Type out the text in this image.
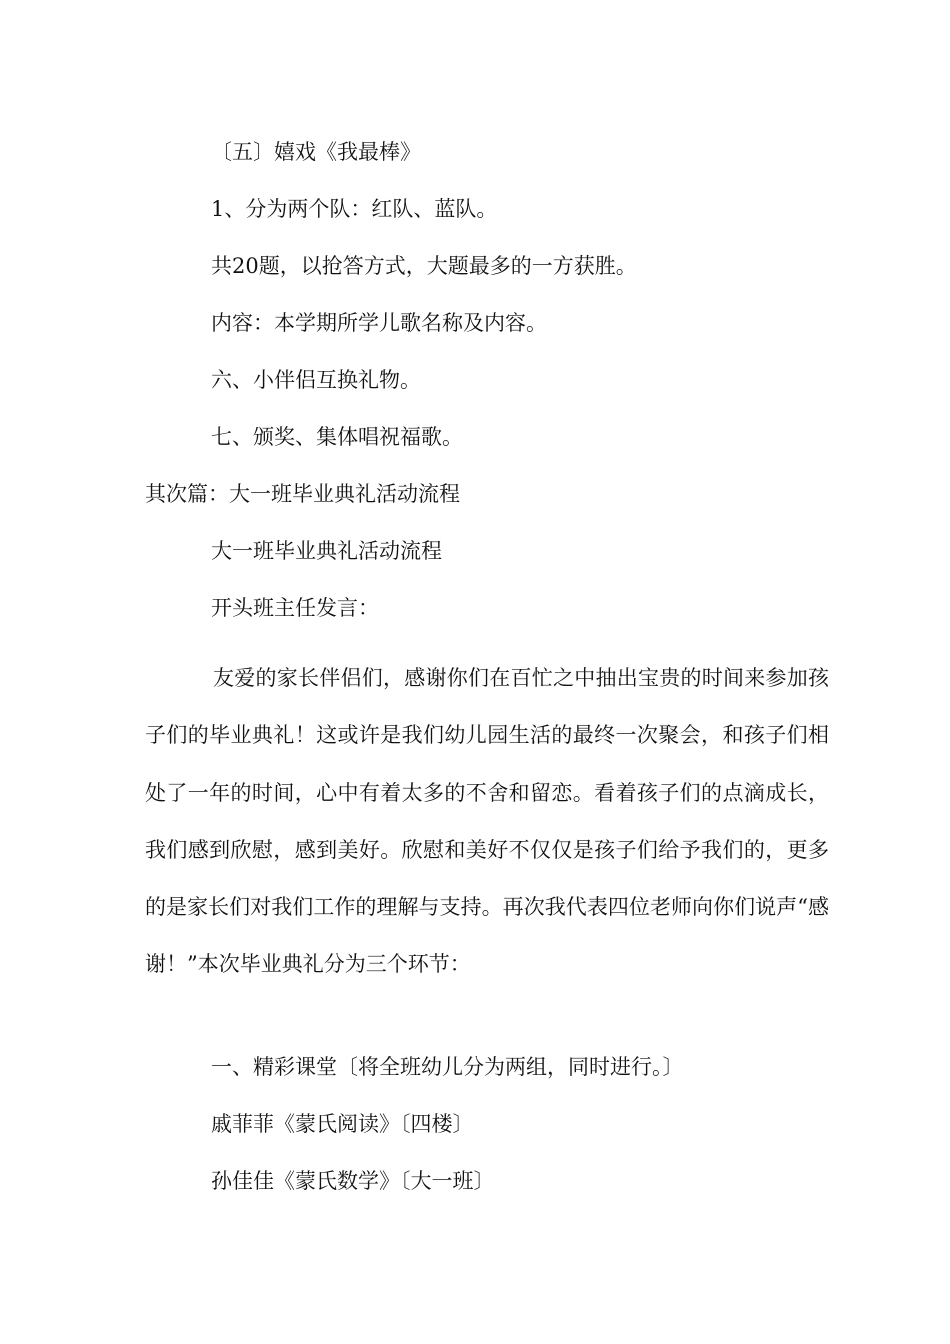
〔五〕嬉戏《我最棒》
1、分为两个队：红队、蓝队。
共20题，以抢答方式，大题最多的一方获胜。
内容：本学期所学儿歌名称及内容。
六、小伴侣互换礼物。
七、颁奖、集体唱祝福歌。
其次篇：大一班毕业典礼活动流程
大一班毕业典礼活动流程
开头班主任发言：

友爱的家长伴侣们，感谢你们在百忙之中抽出宝贵的时间来参加孩子们的毕业典礼！这或许是我们幼儿园生活的最终一次聚会，和孩子们相处了一年的时间，心中有着太多的不舍和留恋。看着孩子们的点滴成长，我们感到欣慰，感到美好。欣慰和美好不仅仅是孩子们给予我们的，更多的是家长们对我们工作的理解与支持。再次我代表四位老师向你们说声“感谢！”本次毕业典礼分为三个环节：

一、精彩课堂〔将全班幼儿分为两组，同时进行。〕
戚菲菲《蒙氏阅读》〔四楼〕
孙佳佳《蒙氏数学》〔大一班〕
